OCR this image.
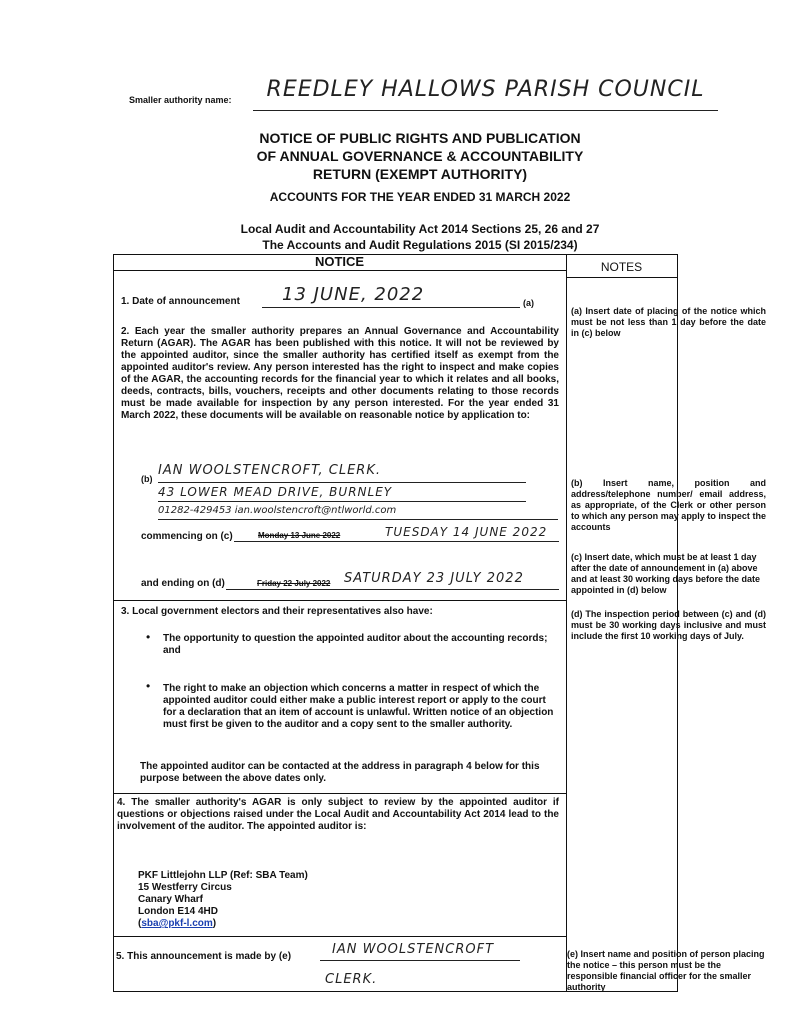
Smaller authority name:	REEDLEY HALLOWS PARISH COUNCIL
NOTICE OF PUBLIC RIGHTS AND PUBLICATION
OF ANNUAL GOVERNANCE & ACCOUNTABILITY
RETURN (EXEMPT AUTHORITY)
ACCOUNTS FOR THE YEAR ENDED 31 MARCH 2022
Local Audit and Accountability Act 2014 Sections 25, 26 and 27
The Accounts and Audit Regulations 2015 (SI 2015/234)
NOTICE	NOTES
1. Date of announcement	13 JUNE, 2022	(a)
2. Each year the smaller authority prepares an Annual Governance and Accountability Return (AGAR). The AGAR has been published with this notice. It will not be reviewed by the appointed auditor, since the smaller authority has certified itself as exempt from the appointed auditor's review. Any person interested has the right to inspect and make copies of the AGAR, the accounting records for the financial year to which it relates and all books, deeds, contracts, bills, vouchers, receipts and other documents relating to those records must be made available for inspection by any person interested. For the year ended 31 March 2022, these documents will be available on reasonable notice by application to:
(b)
IAN WOOLSTENCROFT, CLERK.
43 LOWER MEAD DRIVE, BURNLEY
01282-429453 ian.woolstencroft@ntlworld.com
commencing on (c)	Monday 13 June 2022	TUESDAY 14 JUNE 2022
and ending on (d)	Friday 22 July 2022 SATURDAY 23 JULY 2022
3. Local government electors and their representatives also have:
• The opportunity to question the appointed auditor about the accounting records; and
• The right to make an objection which concerns a matter in respect of which the appointed auditor could either make a public interest report or apply to the court for a declaration that an item of account is unlawful. Written notice of an objection must first be given to the auditor and a copy sent to the smaller authority.
The appointed auditor can be contacted at the address in paragraph 4 below for this purpose between the above dates only.
4. The smaller authority's AGAR is only subject to review by the appointed auditor if questions or objections raised under the Local Audit and Accountability Act 2014 lead to the involvement of the auditor. The appointed auditor is:
PKF Littlejohn LLP (Ref: SBA Team)
15 Westferry Circus
Canary Wharf
London E14 4HD
(sba@pkf-l.com)
5. This announcement is made by (e)	IAN WOOLSTENCROFT
CLERK.
(a) Insert date of placing of the notice which must be not less than 1 day before the date in (c) below
(b) Insert name, position and address/telephone number/ email address, as appropriate, of the Clerk or other person to which any person may apply to inspect the accounts
(c) Insert date, which must be at least 1 day after the date of announcement in (a) above and at least 30 working days before the date appointed in (d) below
(d) The inspection period between (c) and (d) must be 30 working days inclusive and must include the first 10 working days of July.
(e) Insert name and position of person placing the notice – this person must be the responsible financial officer for the smaller authority
